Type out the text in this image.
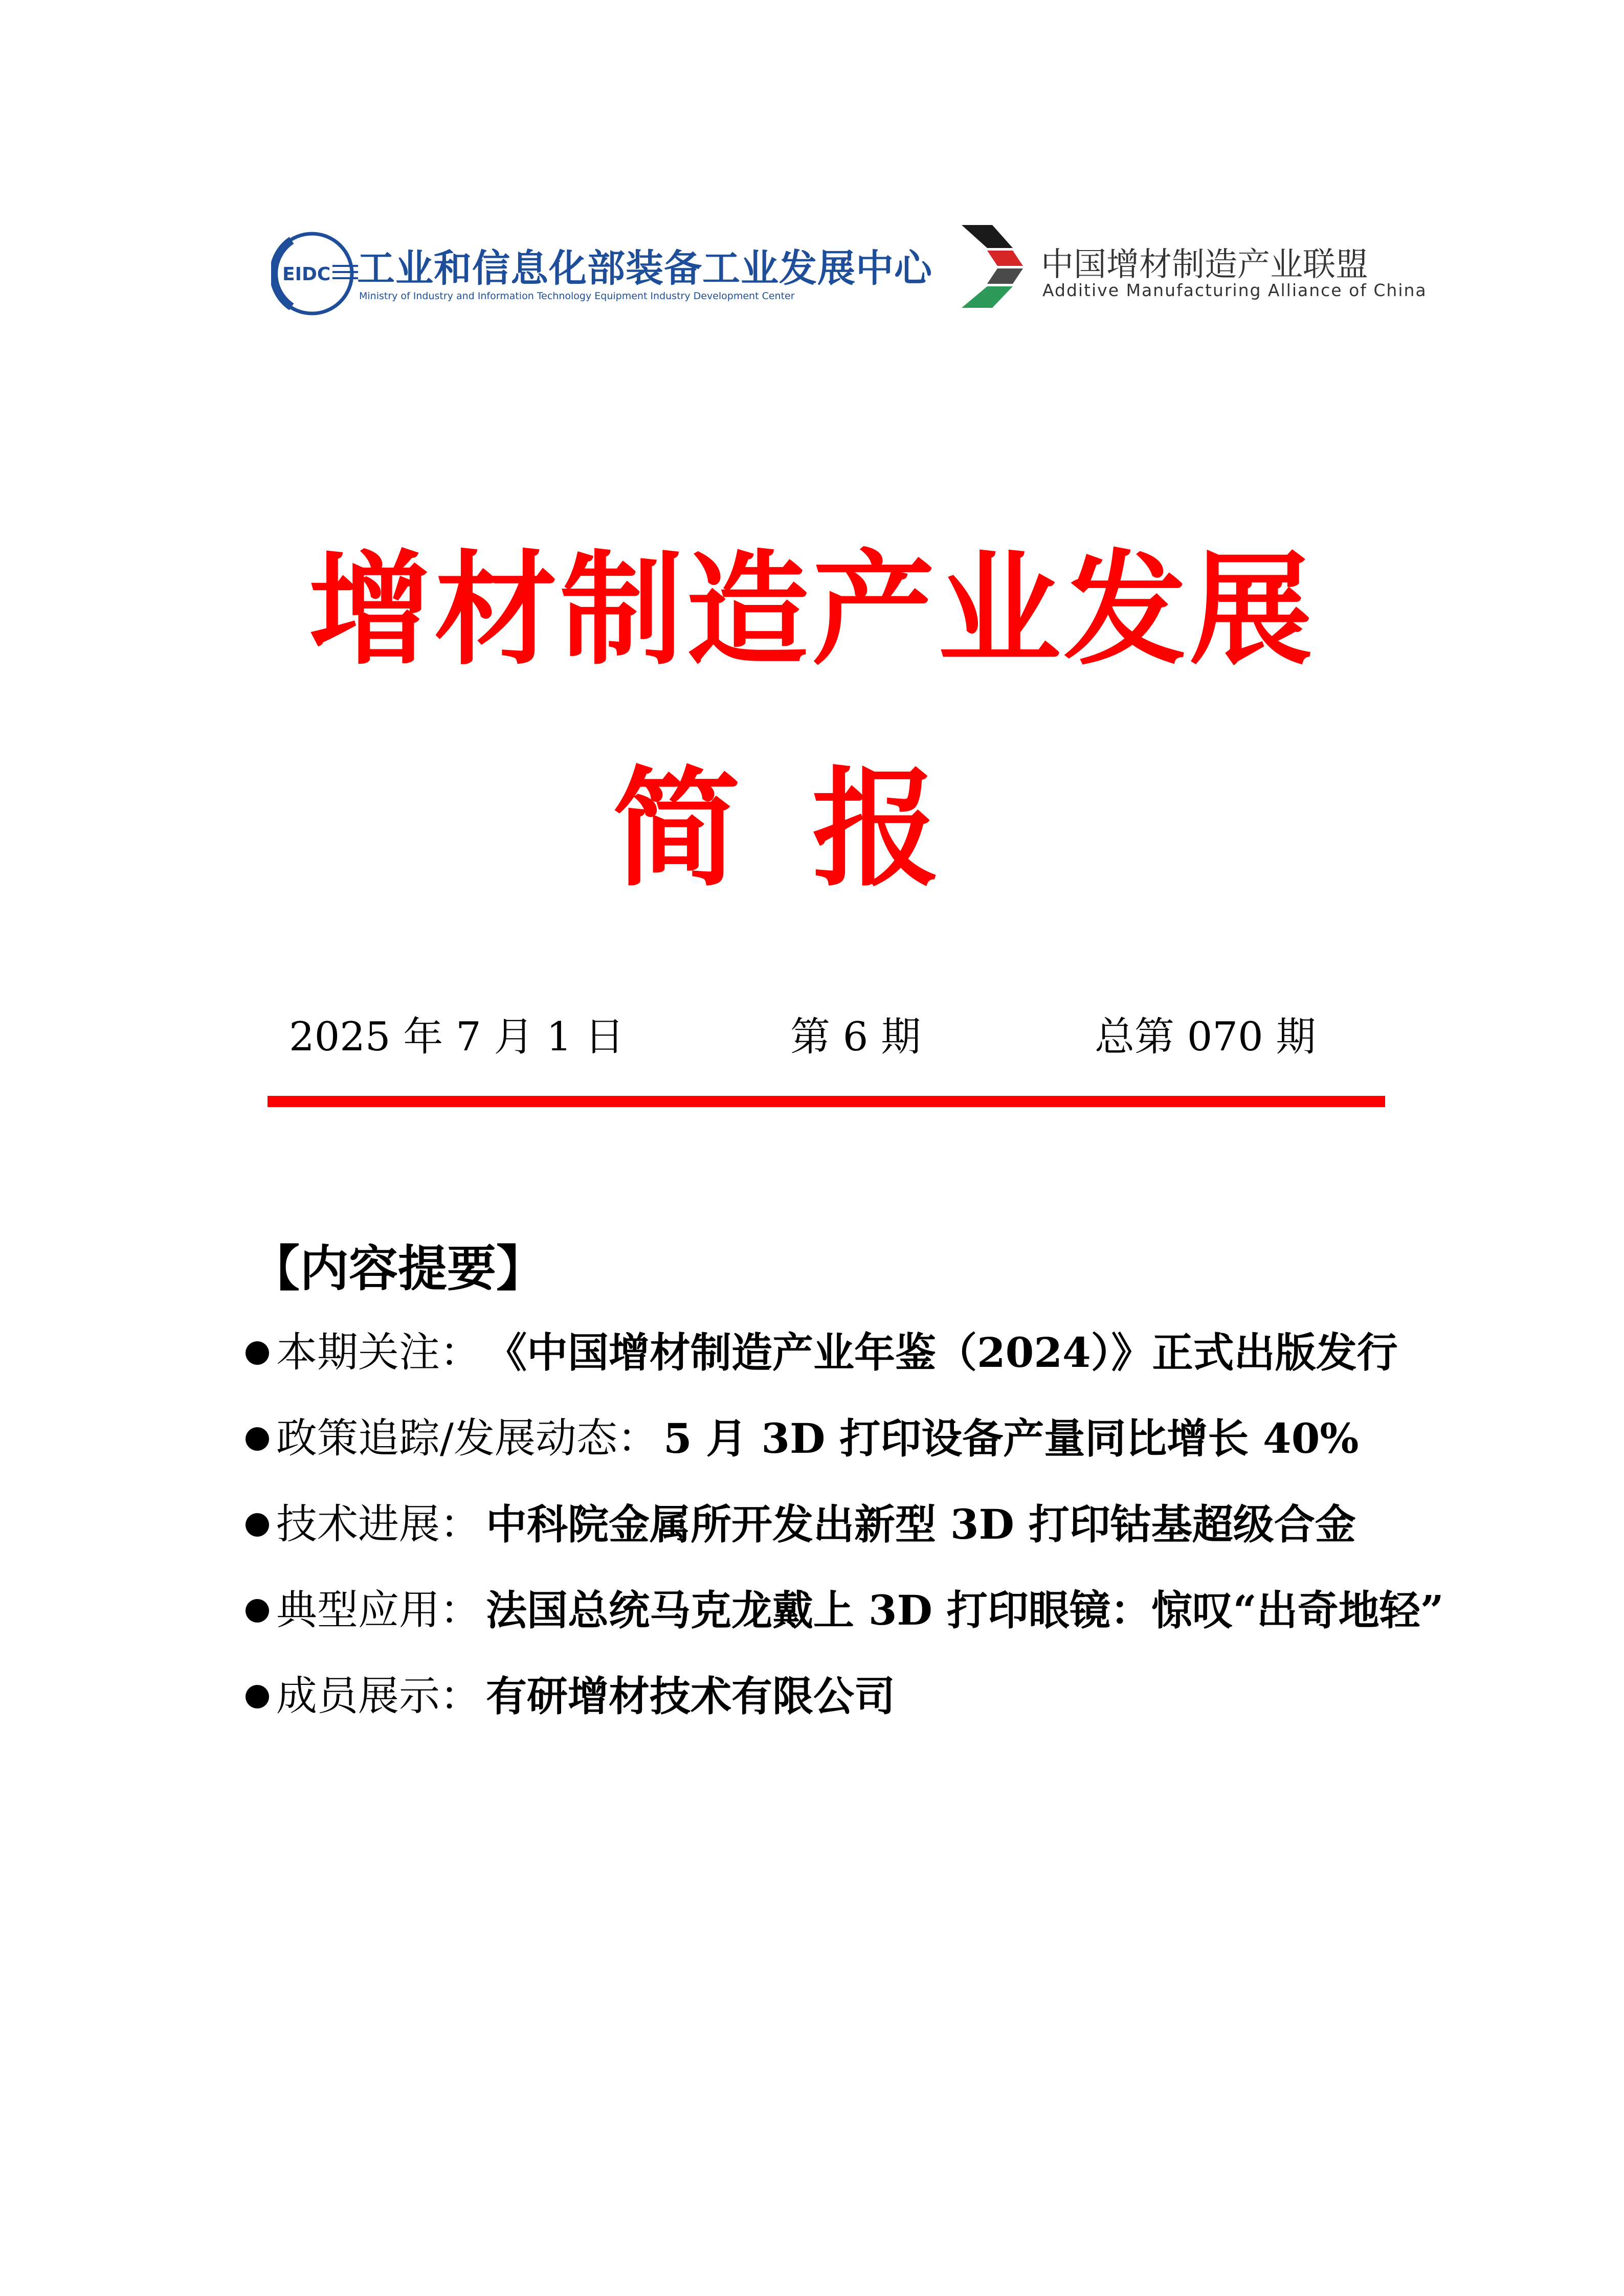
EIDC 工业和信息化部装备工业发展中心
Ministry of Industry and Information Technology Equipment Industry Development Center
中国增材制造产业联盟
Additive Manufacturing Alliance of China
增材制造产业发展
简报
2025 年 7 月 1 日	第 6 期	总第 070 期
【内容提要】
本期关注： 《中国增材制造产业年鉴（2024）》正式出版发行
政策追踪/发展动态： 5 月 3D 打印设备产量同比增长 40%
技术进展： 中科院金属所开发出新型 3D 打印钴基超级合金
典型应用： 法国总统马克龙戴上 3D 打印眼镜：惊叹“出奇地轻”
成员展示： 有研增材技术有限公司
